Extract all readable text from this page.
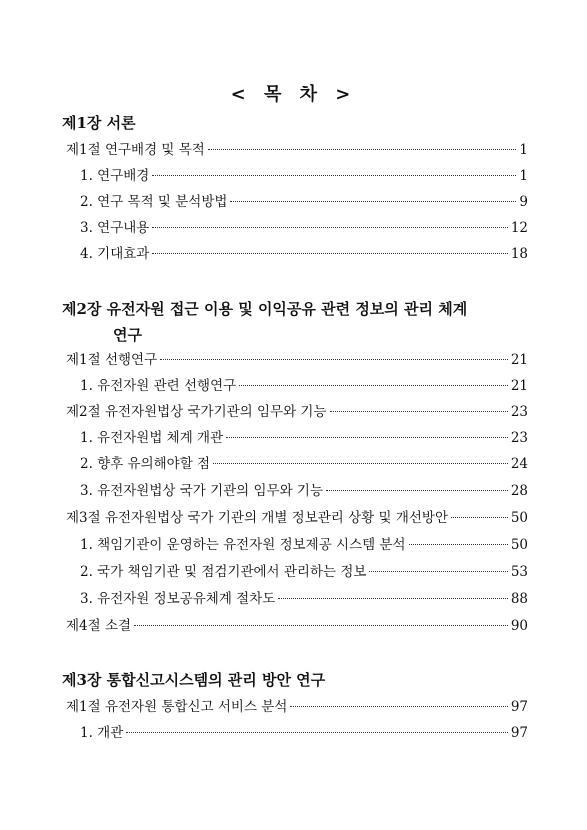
< 목 차 >
제1장 서론
제1절 연구배경 및 목적	1
1. 연구배경	1
2. 연구 목적 및 분석방법	9
3. 연구내용	12
4. 기대효과	18
제2장 유전자원 접근 이용 및 이익공유 관련 정보의 관리 체계
연구
제1절 선행연구	21
1. 유전자원 관련 선행연구	21
제2절 유전자원법상 국가기관의 임무와 기능	23
1. 유전자원법 체계 개관	23
2. 향후 유의해야할 점	24
3. 유전자원법상 국가 기관의 임무와 기능	28
제3절 유전자원법상 국가 기관의 개별 정보관리 상황 및 개선방안	50
1. 책임기관이 운영하는 유전자원 정보제공 시스템 분석	50
2. 국가 책임기관 및 점검기관에서 관리하는 정보	53
3. 유전자원 정보공유체계 절차도	88
제4절 소결	90
제3장 통합신고시스템의 관리 방안 연구
제1절 유전자원 통합신고 서비스 분석	97
1. 개관	97
